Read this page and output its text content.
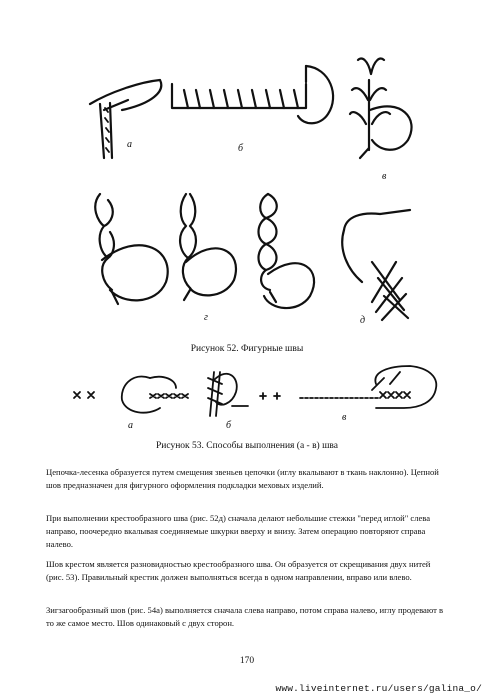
а	б
в
г	д
Рисунок 52. Фигурные швы
а	б
в
Рисунок 53. Способы выполнения (а - в) шва

Цепочка-лесенка образуется путем смещения звеньев цепочки (иглу вкалывают в ткань наклонно). Цепной шов предназначен для фигурного оформления подкладки меховых изделий.

При выполнении крестообразного шва (рис. 52д) сначала делают небольшие стежки "перед иглой" слева направо, поочередно вкалывая соединяемые шкурки вверху и внизу. Затем операцию повторяют справа налево.

Шов крестом является разновидностью крестообразного шва. Он образуется от скрещивания двух нитей (рис. 53). Правильный крестик должен выполняться всегда в одном направлении, вправо или влево.

Зигзагообразный шов (рис. 54а) выполняется сначала слева направо, потом справа налево, иглу продевают в то же самое место. Шов одинаковый с двух сторон.

170
www.liveinternet.ru/users/galina_o/
